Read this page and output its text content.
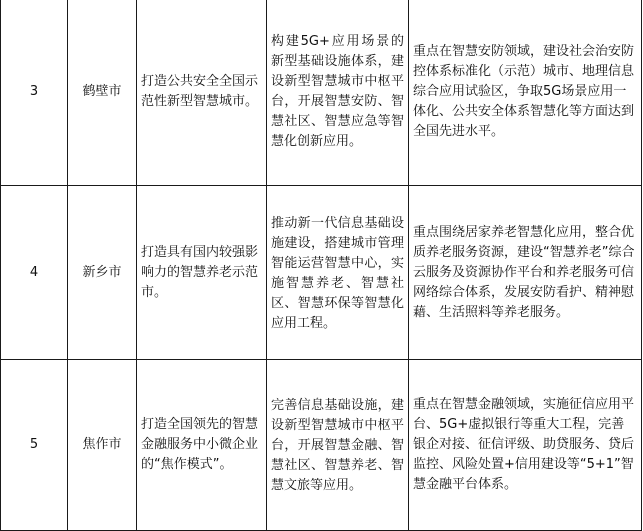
3	鹤壁市	打造公共安全全国示范性新型智慧城市。	构建5G+应用场景的新型基础设施体系，建设新型智慧城市中枢平台，开展智慧安防、智慧社区、智慧应急等智慧化创新应用。	重点在智慧安防领域，建设社会治安防控体系标准化（示范）城市、地理信息综合应用试验区，争取5G场景应用一体化、公共安全体系智慧化等方面达到全国先进水平。
4	新乡市	打造具有国内较强影响力的智慧养老示范市。	推动新一代信息基础设施建设，搭建城市管理智能运营智慧中心，实施智慧养老、智慧社区、智慧环保等智慧化应用工程。	重点围绕居家养老智慧化应用，整合优质养老服务资源，建设“智慧养老”综合云服务及资源协作平台和养老服务可信网络综合体系，发展安防看护、精神慰藉、生活照料等养老服务。
5	焦作市	打造全国领先的智慧金融服务中小微企业的“焦作模式”。	完善信息基础设施，建设新型智慧城市中枢平台，开展智慧金融、智慧社区、智慧养老、智慧文旅等应用。	重点在智慧金融领域，实施征信应用平台、5G+虚拟银行等重大工程，完善银企对接、征信评级、助贷服务、贷后监控、风险处置+信用建设等“5+1”智慧金融平台体系。
